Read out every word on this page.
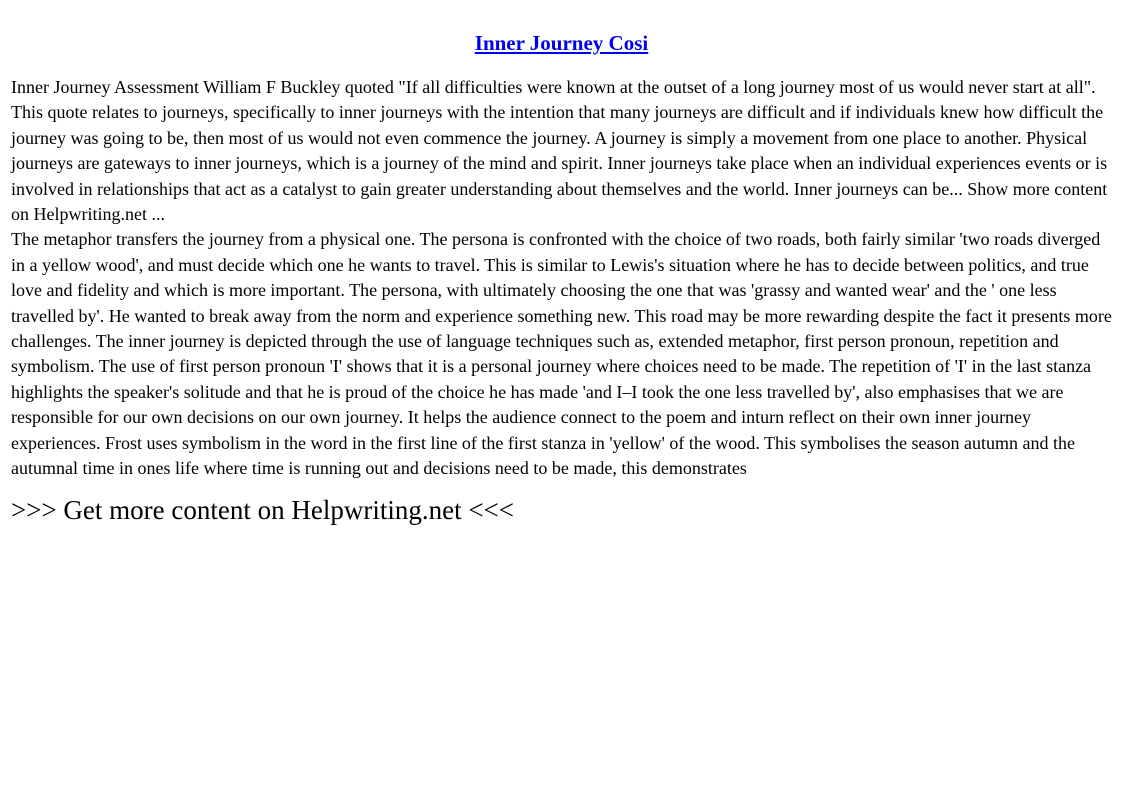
Inner Journey Cosi

Inner Journey Assessment William F Buckley quoted "If all difficulties were known at the outset of a long journey most of us would never start at all". This quote relates to journeys, specifically to inner journeys with the intention that many journeys are difficult and if individuals knew how difficult the journey was going to be, then most of us would not even commence the journey. A journey is simply a movement from one place to another. Physical journeys are gateways to inner journeys, which is a journey of the mind and spirit. Inner journeys take place when an individual experiences events or is involved in relationships that act as a catalyst to gain greater understanding about themselves and the world. Inner journeys can be... Show more content on Helpwriting.net ...

The metaphor transfers the journey from a physical one. The persona is confronted with the choice of two roads, both fairly similar 'two roads diverged in a yellow wood', and must decide which one he wants to travel. This is similar to Lewis's situation where he has to decide between politics, and true love and fidelity and which is more important. The persona, with ultimately choosing the one that was 'grassy and wanted wear' and the ' one less travelled by'. He wanted to break away from the norm and experience something new. This road may be more rewarding despite the fact it presents more challenges. The inner journey is depicted through the use of language techniques such as, extended metaphor, first person pronoun, repetition and symbolism. The use of first person pronoun 'I' shows that it is a personal journey where choices need to be made. The repetition of 'I' in the last stanza highlights the speaker's solitude and that he is proud of the choice he has made 'and I–I took the one less travelled by', also emphasises that we are responsible for our own decisions on our own journey. It helps the audience connect to the poem and inturn reflect on their own inner journey experiences. Frost uses symbolism in the word in the first line of the first stanza in 'yellow' of the wood. This symbolises the season autumn and the autumnal time in ones life where time is running out and decisions need to be made, this demonstrates

>>> Get more content on Helpwriting.net <<<
